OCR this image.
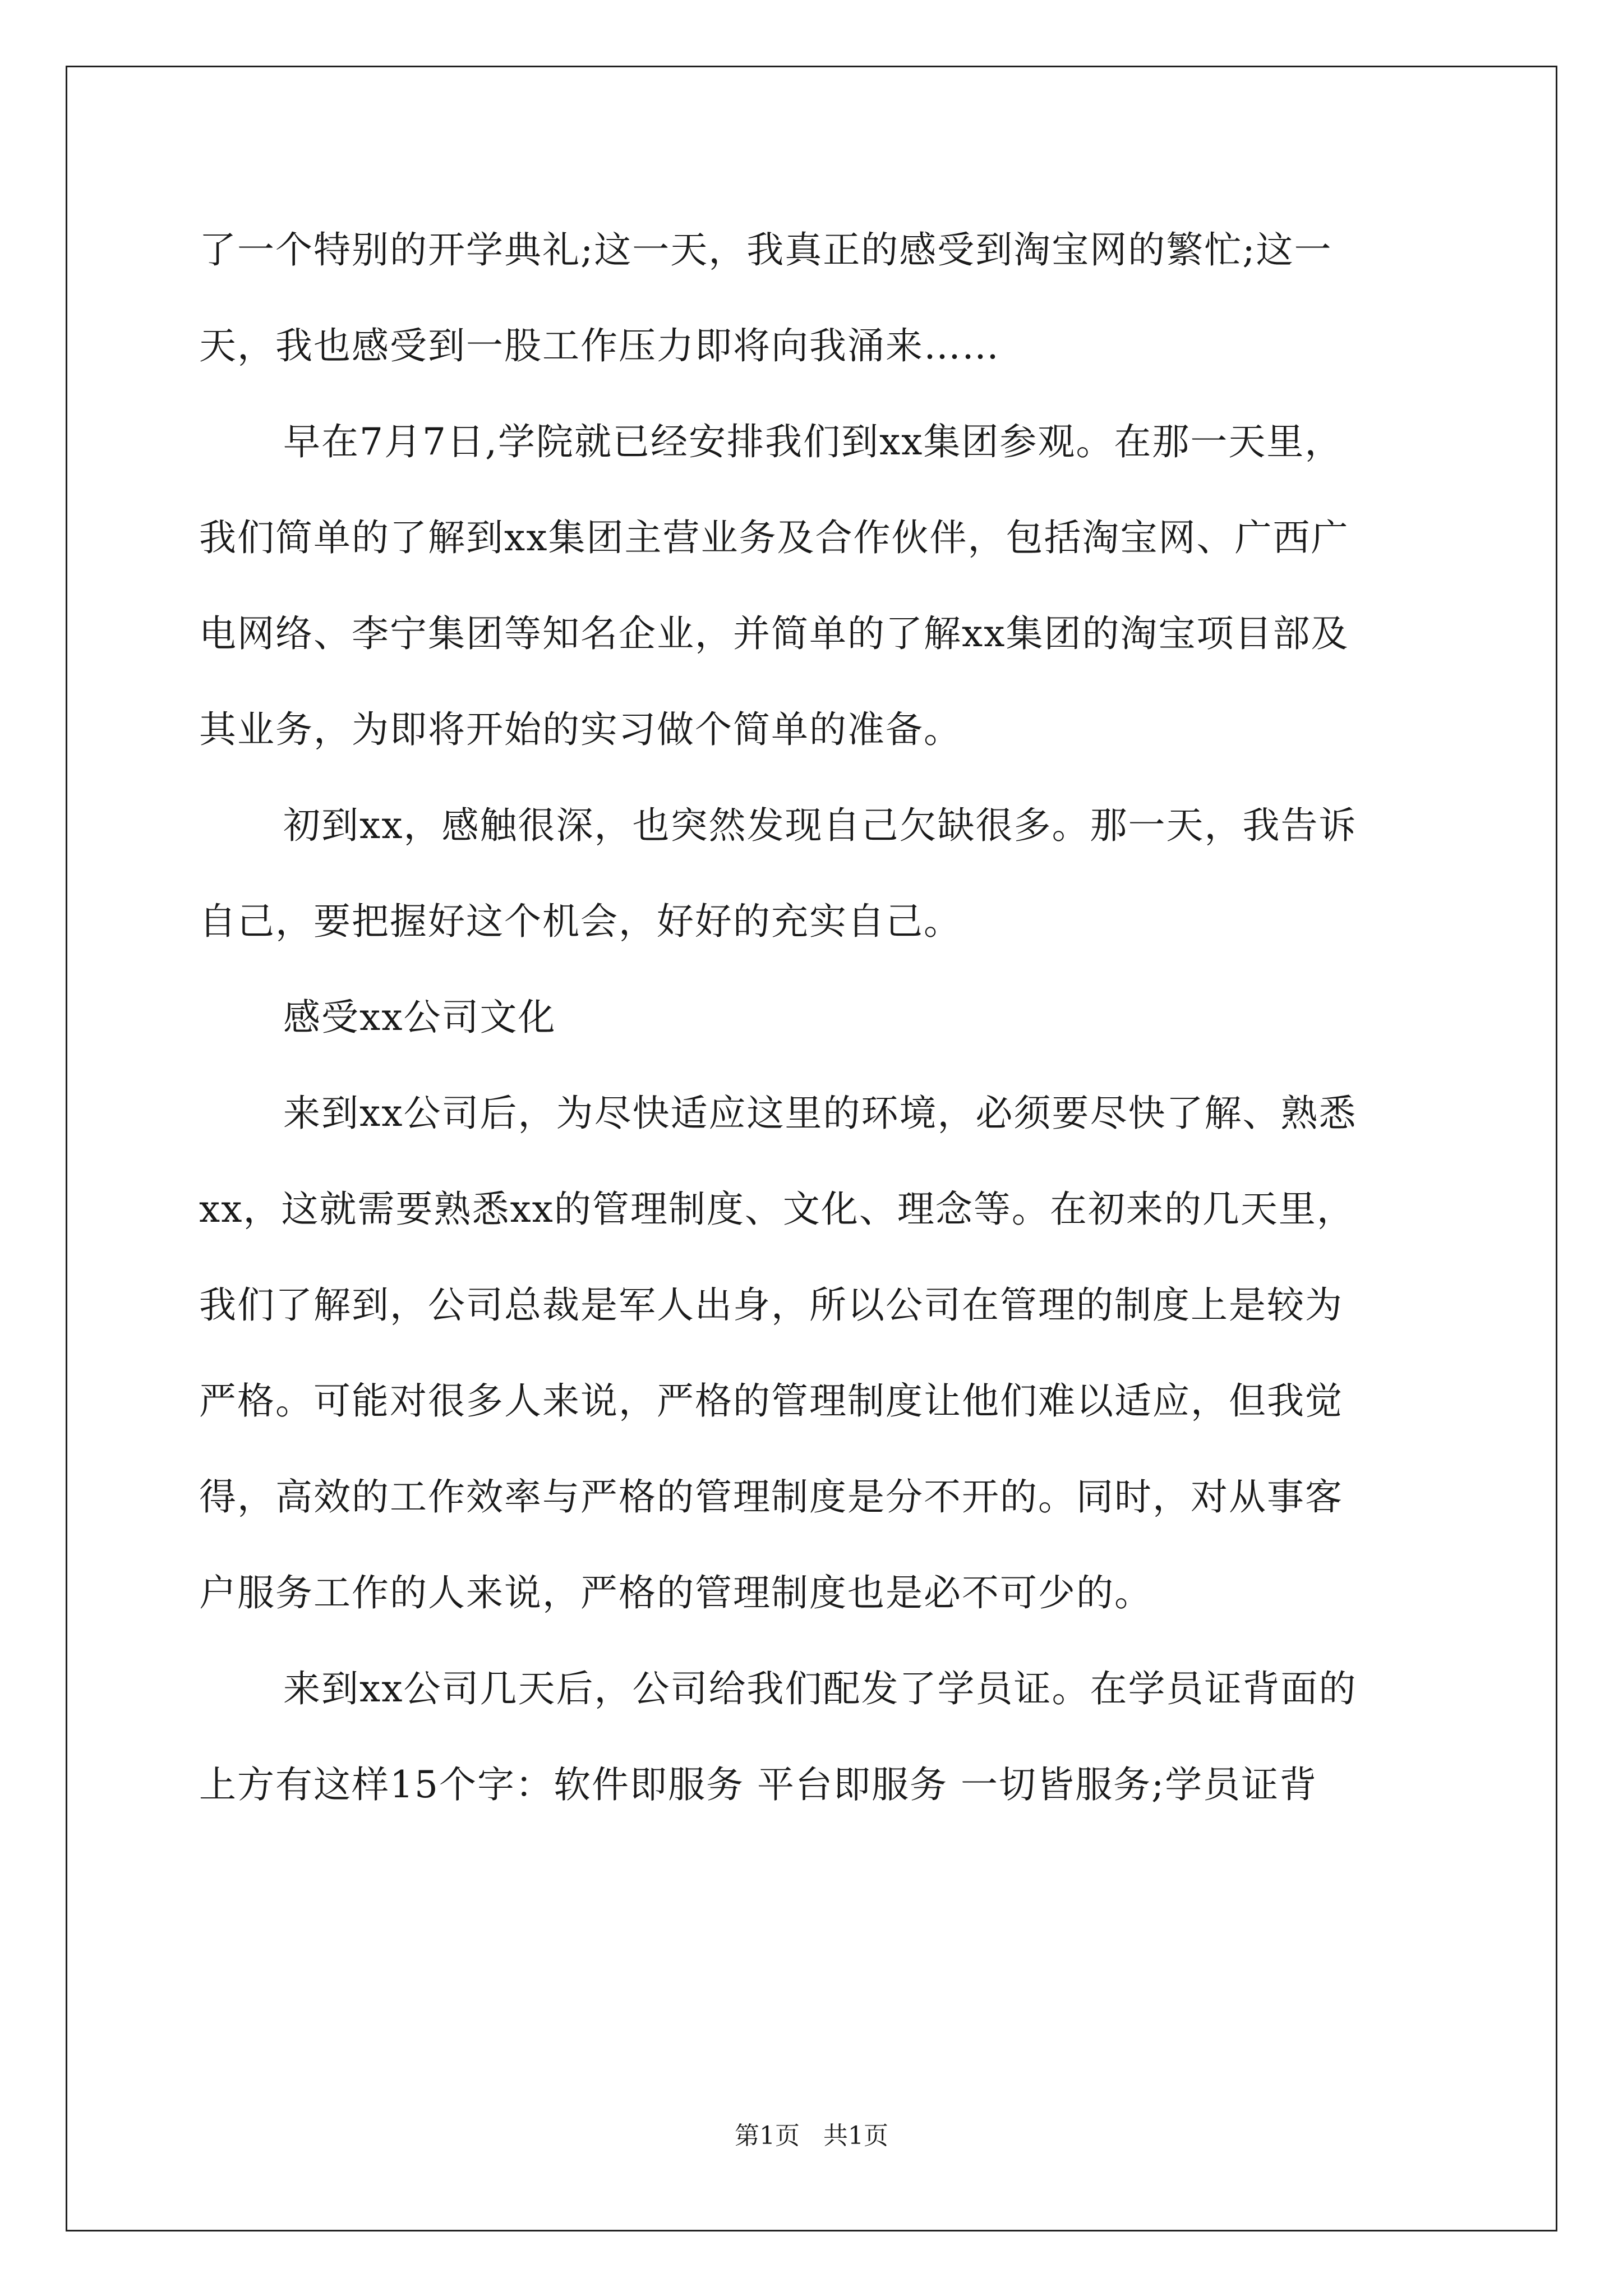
了一个特别的开学典礼;这一天，我真正的感受到淘宝网的繁忙;这一

天，我也感受到一股工作压力即将向我涌来……

早在7月7日,学院就已经安排我们到xx集团参观。在那一天里，

我们简单的了解到xx集团主营业务及合作伙伴，包括淘宝网、广西广

电网络、李宁集团等知名企业，并简单的了解xx集团的淘宝项目部及

其业务，为即将开始的实习做个简单的准备。

初到xx，感触很深，也突然发现自己欠缺很多。那一天，我告诉

自己，要把握好这个机会，好好的充实自己。

感受xx公司文化

来到xx公司后，为尽快适应这里的环境，必须要尽快了解、熟悉

xx，这就需要熟悉xx的管理制度、文化、理念等。在初来的几天里，

我们了解到，公司总裁是军人出身，所以公司在管理的制度上是较为

严格。可能对很多人来说，严格的管理制度让他们难以适应，但我觉

得，高效的工作效率与严格的管理制度是分不开的。同时，对从事客

户服务工作的人来说，严格的管理制度也是必不可少的。

来到xx公司几天后，公司给我们配发了学员证。在学员证背面的

上方有这样15个字：软件即服务 平台即服务 一切皆服务;学员证背

第1页 共1页
